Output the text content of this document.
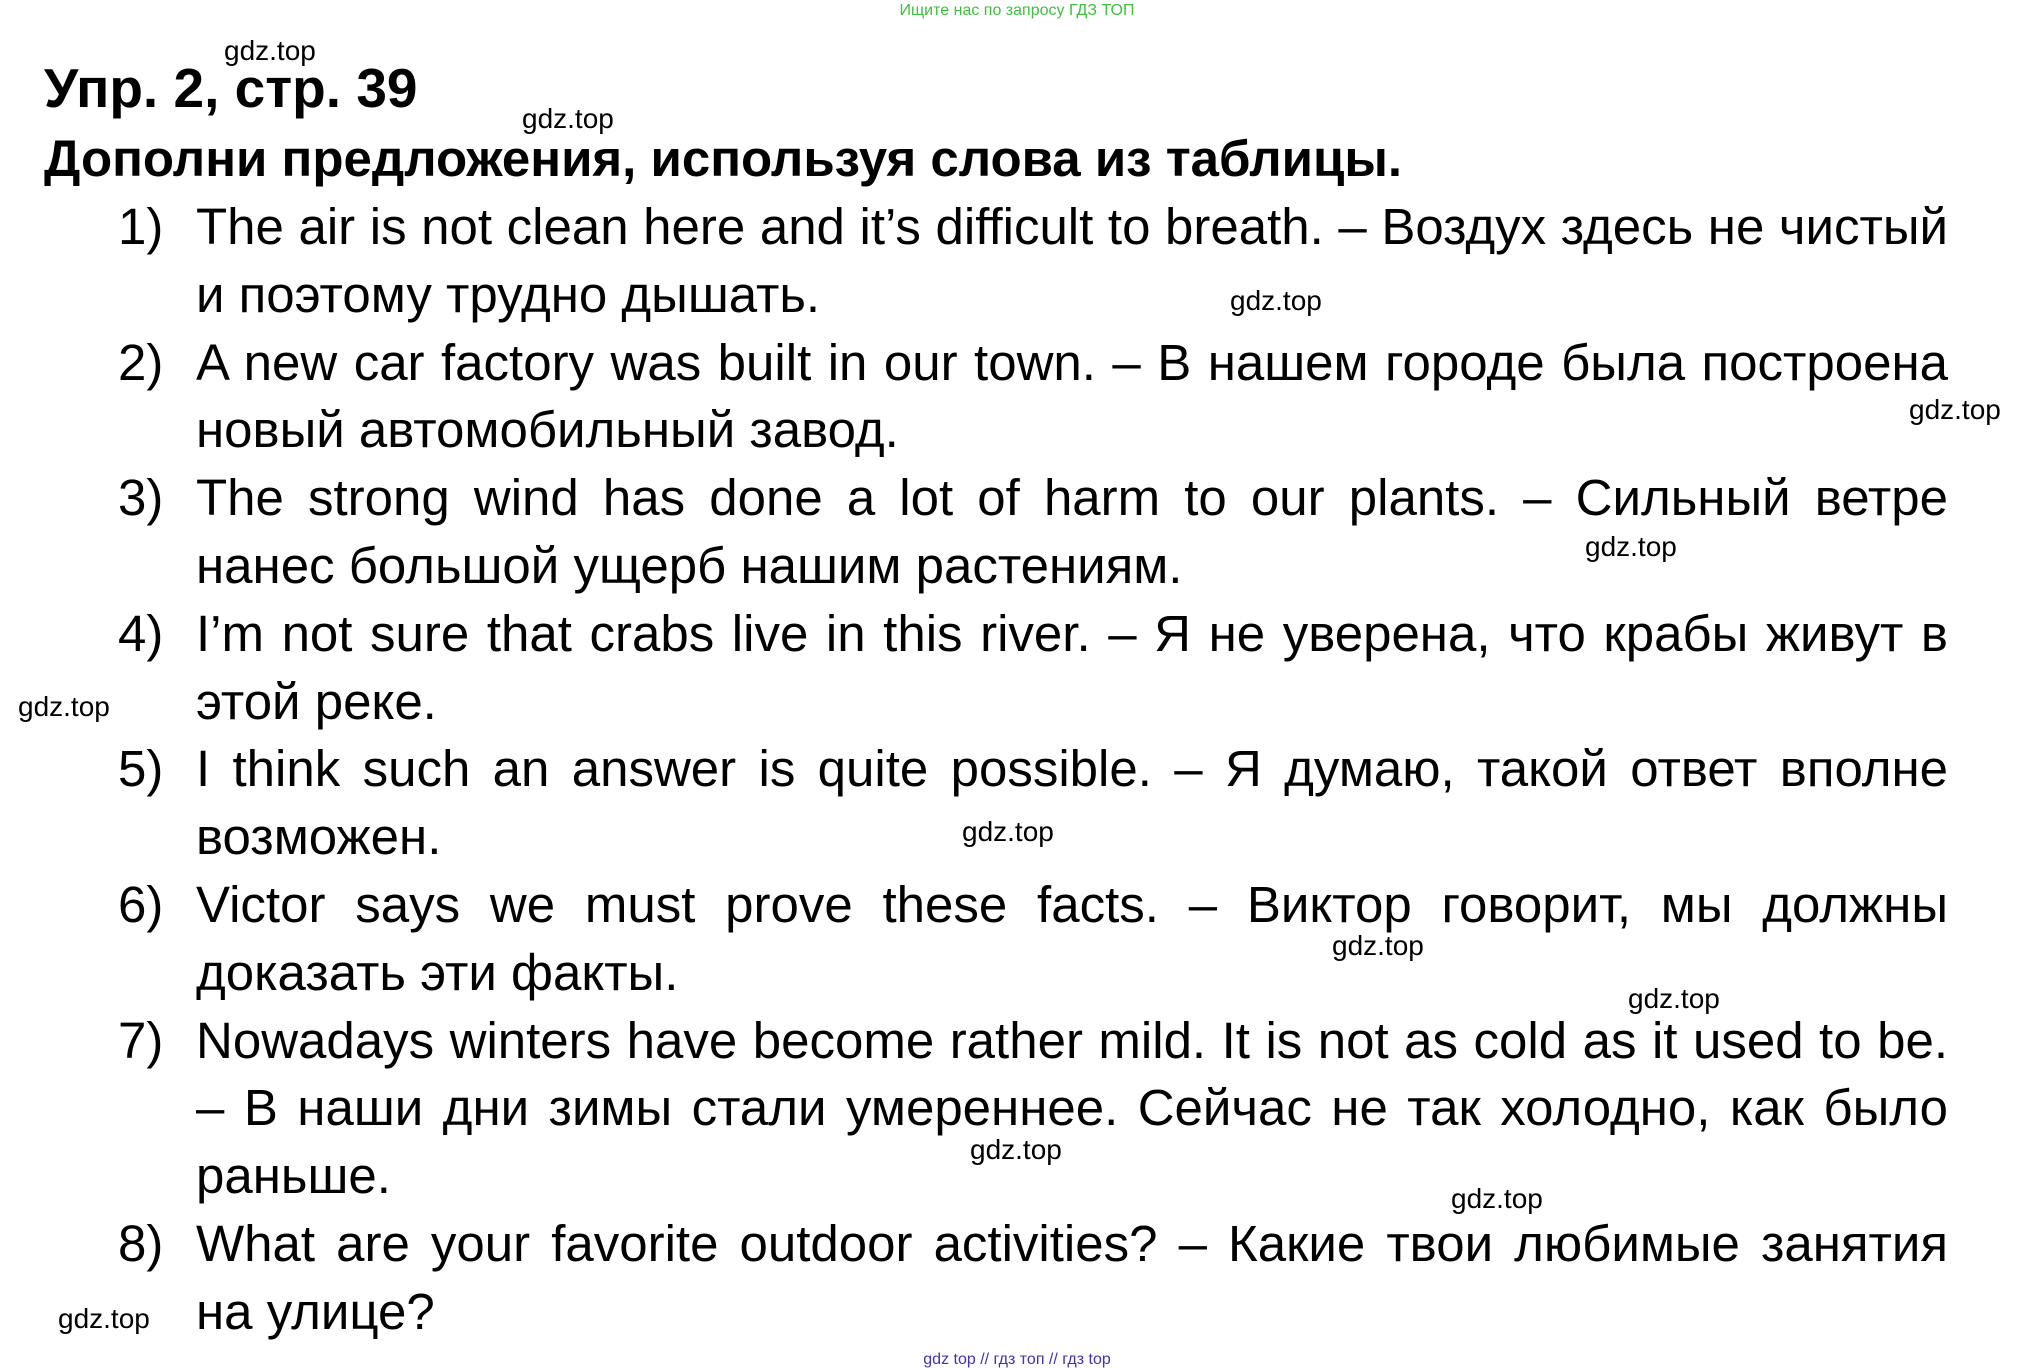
Ищите нас по запросу ГДЗ ТОП
Упр. 2, стр. 39
Дополни предложения, используя слова из таблицы.
1) The air is not clean here and it’s difficult to breath. – Воздух здесь не чистый и поэтому трудно дышать.
2) A new car factory was built in our town. – В нашем городе была построена новый автомобильный завод.
3) The strong wind has done a lot of harm to our plants. – Сильный ветре нанес большой ущерб нашим растениям.
4) I’m not sure that crabs live in this river. – Я не уверена, что крабы живут в этой реке.
5) I think such an answer is quite possible. – Я думаю, такой ответ вполне возможен.
6) Victor says we must prove these facts. – Виктор говорит, мы должны доказать эти факты.
7) Nowadays winters have become rather mild. It is not as cold as it used to be. – В наши дни зимы стали умереннее. Сейчас не так холодно, как было раньше.
8) What are your favorite outdoor activities? – Какие твои любимые занятия на улице?
gdz.top
gdz.top
gdz.top
gdz.top
gdz.top
gdz.top
gdz.top
gdz.top
gdz.top
gdz.top
gdz.top
gdz.top
gdz top // гдз топ // гдз top
